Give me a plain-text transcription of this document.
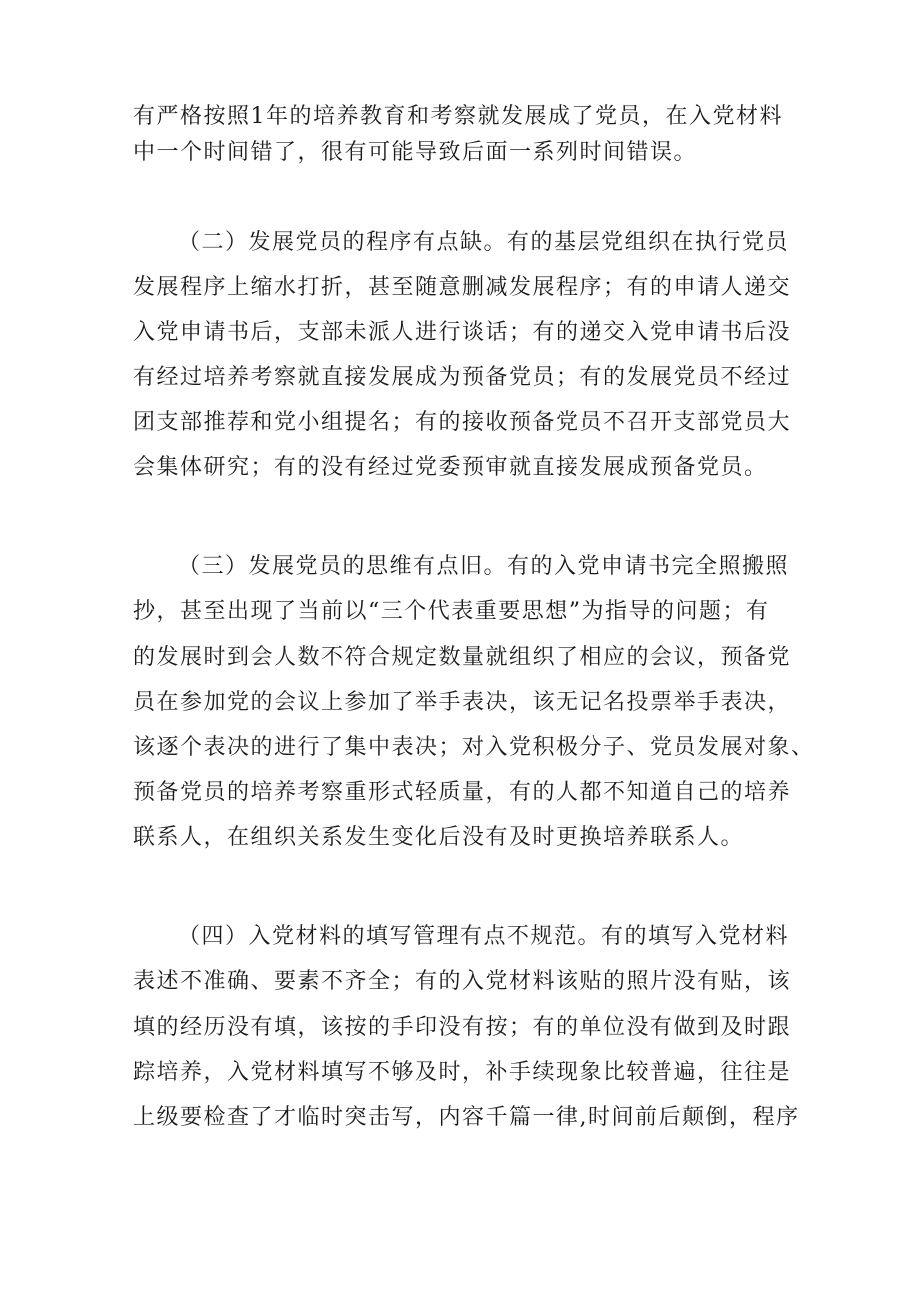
有严格按照1年的培养教育和考察就发展成了党员，在入党材料
中一个时间错了，很有可能导致后面一系列时间错误。
（二）发展党员的程序有点缺。有的基层党组织在执行党员
发展程序上缩水打折，甚至随意删减发展程序；有的申请人递交
入党申请书后，支部未派人进行谈话；有的递交入党申请书后没
有经过培养考察就直接发展成为预备党员；有的发展党员不经过
团支部推荐和党小组提名；有的接收预备党员不召开支部党员大
会集体研究；有的没有经过党委预审就直接发展成预备党员。
（三）发展党员的思维有点旧。有的入党申请书完全照搬照
抄，甚至出现了当前以“三个代表重要思想”为指导的问题；有
的发展时到会人数不符合规定数量就组织了相应的会议，预备党
员在参加党的会议上参加了举手表决，该无记名投票举手表决，
该逐个表决的进行了集中表决；对入党积极分子、党员发展对象、
预备党员的培养考察重形式轻质量，有的人都不知道自己的培养
联系人，在组织关系发生变化后没有及时更换培养联系人。
（四）入党材料的填写管理有点不规范。有的填写入党材料
表述不准确、要素不齐全；有的入党材料该贴的照片没有贴，该
填的经历没有填，该按的手印没有按；有的单位没有做到及时跟
踪培养，入党材料填写不够及时，补手续现象比较普遍，往往是
上级要检查了才临时突击写，内容千篇一律,时间前后颠倒，程序
